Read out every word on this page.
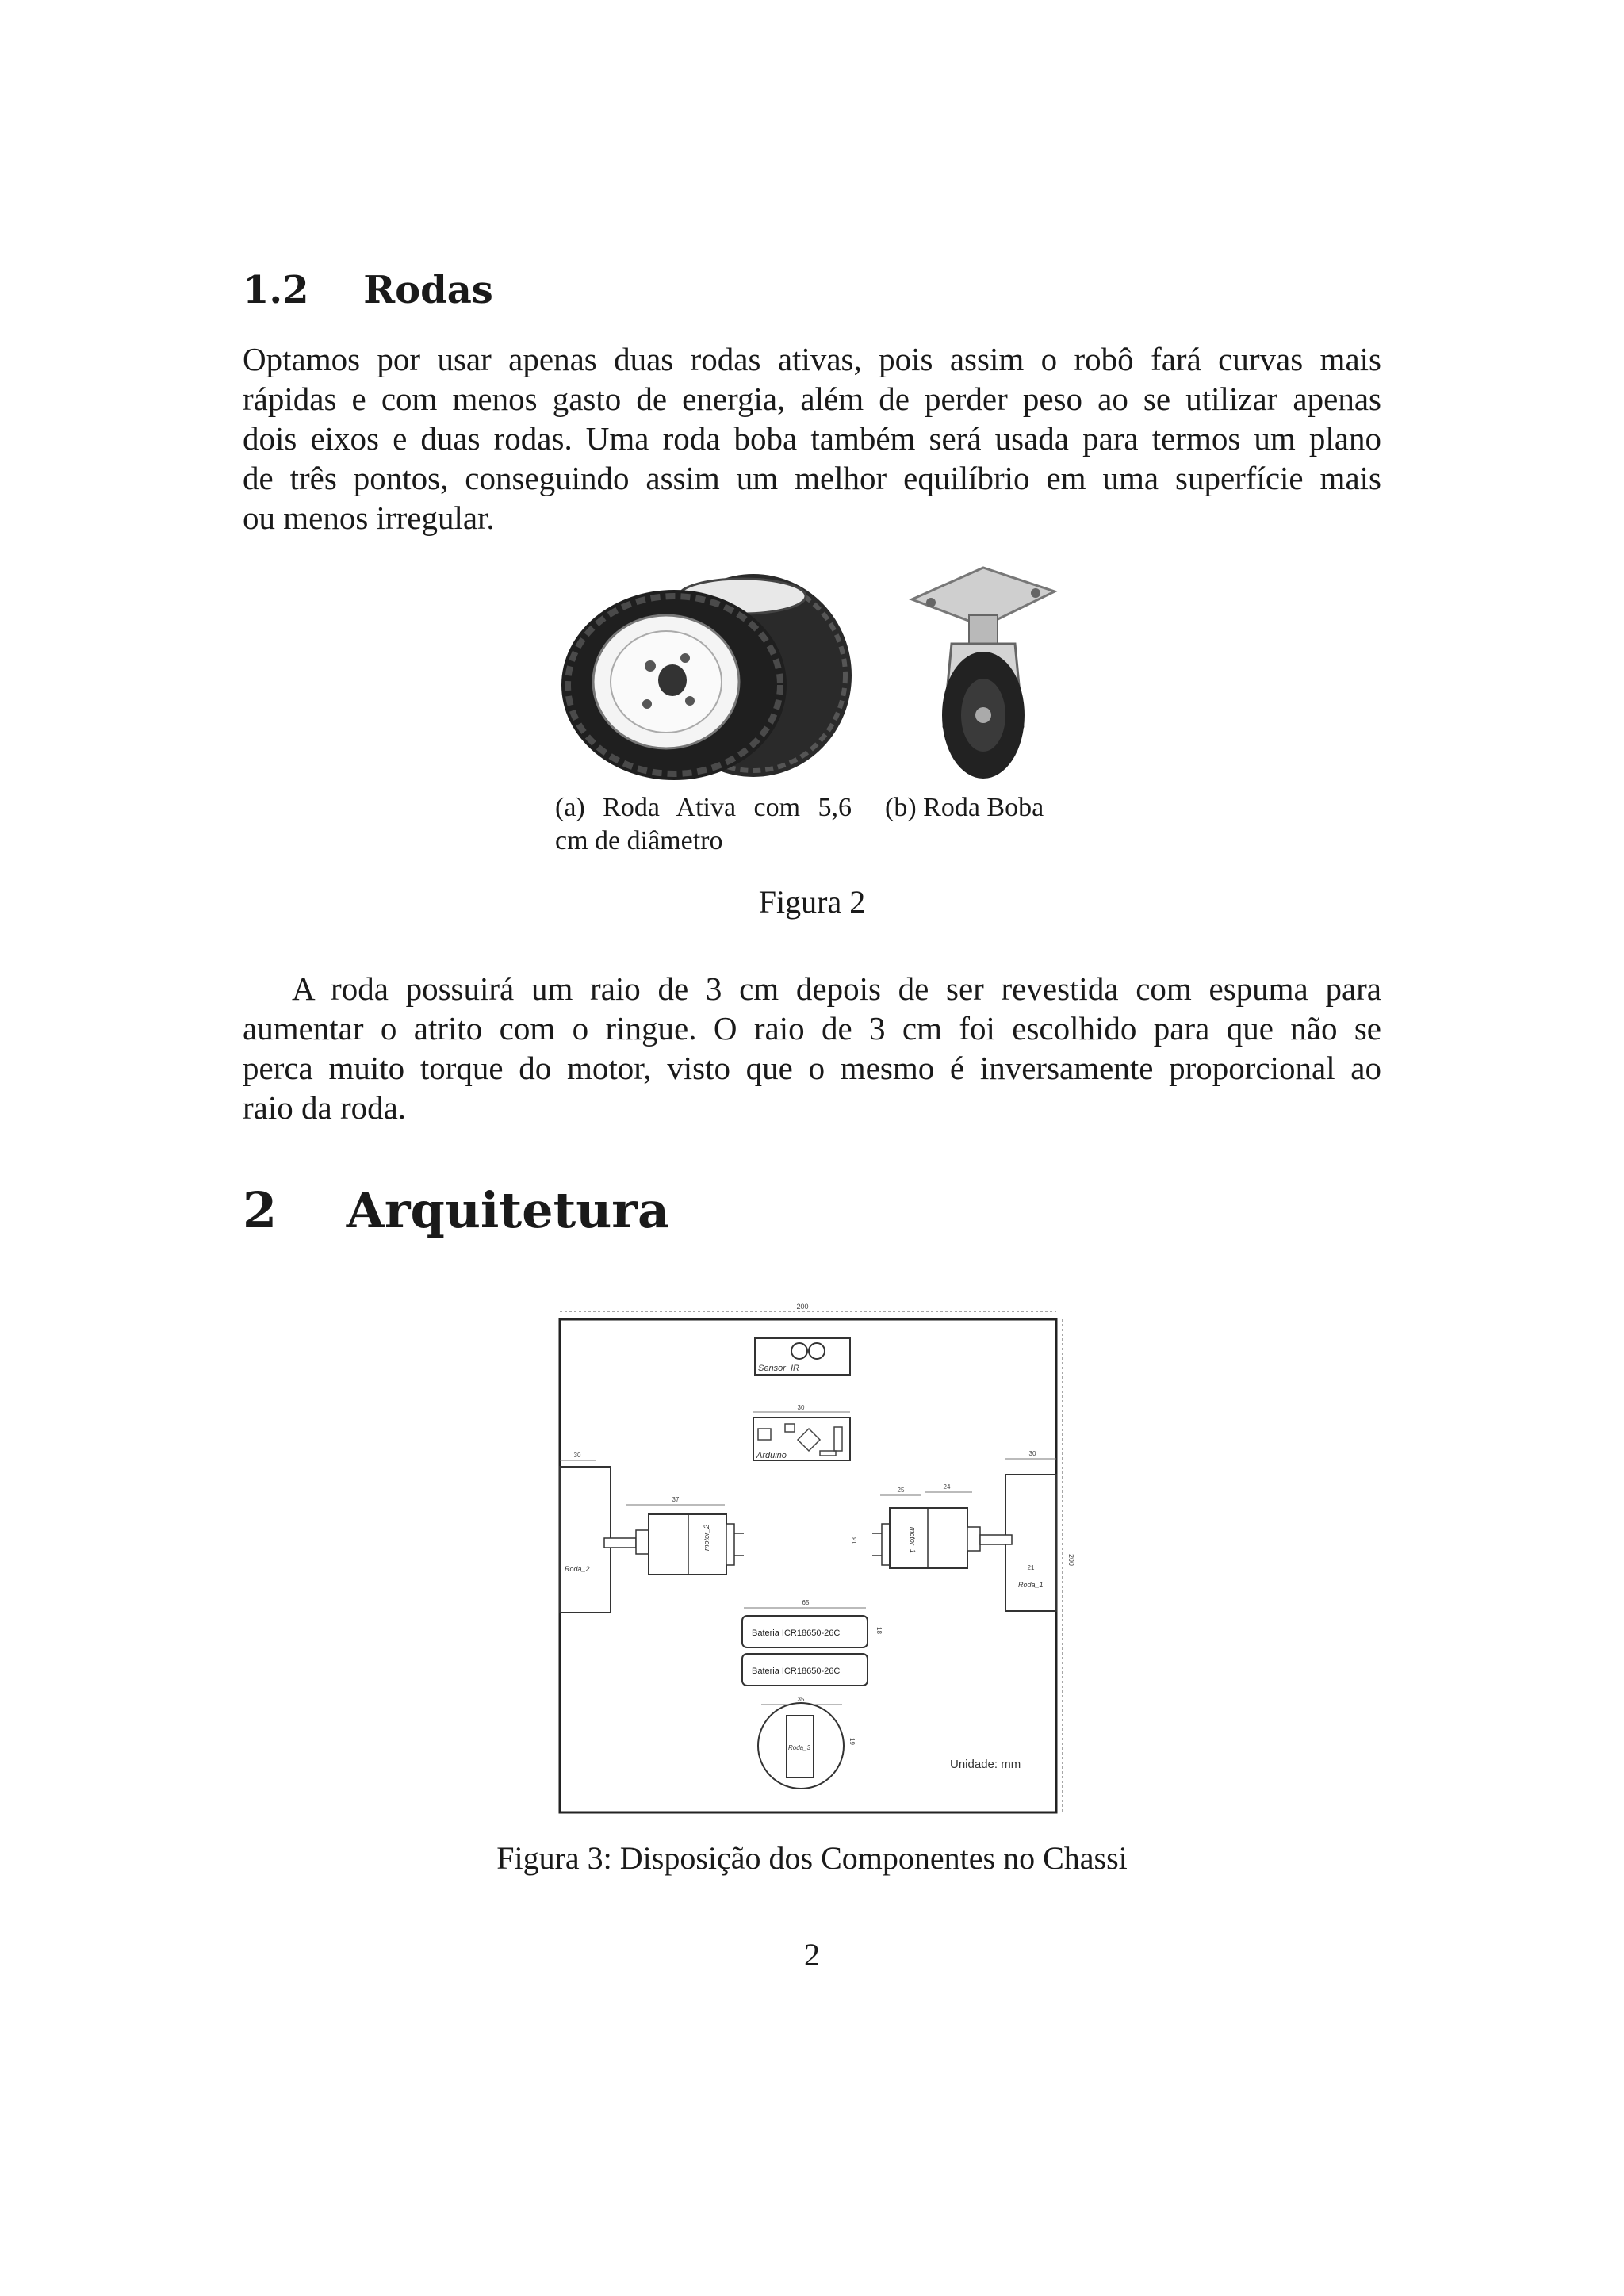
1.2 Rodas
Optamos por usar apenas duas rodas ativas, pois assim o robô fará curvas mais
rápidas e com menos gasto de energia, além de perder peso ao se utilizar apenas
dois eixos e duas rodas. Uma roda boba também será usada para termos um plano
de três pontos, conseguindo assim um melhor equilíbrio em uma superfície mais
ou menos irregular.
(a) Roda Ativa com 5,6
cm de diâmetro
(b) Roda Boba
Figura 2
A roda possuirá um raio de 3 cm depois de ser revestida com espuma para
aumentar o atrito com o ringue. O raio de 3 cm foi escolhido para que não se
perca muito torque do motor, visto que o mesmo é inversamente proporcional ao
raio da roda.
2 Arquitetura
200
200
Sensor_IR
30
Arduino
30
Roda_2
37
motor_2
30
21
Roda_1
25	24
18	motor_1
65
18
Bateria ICR18650-26C
Bateria ICR18650-26C
35
19
Roda_3
Unidade: mm
Figura 3: Disposição dos Componentes no Chassi
2
